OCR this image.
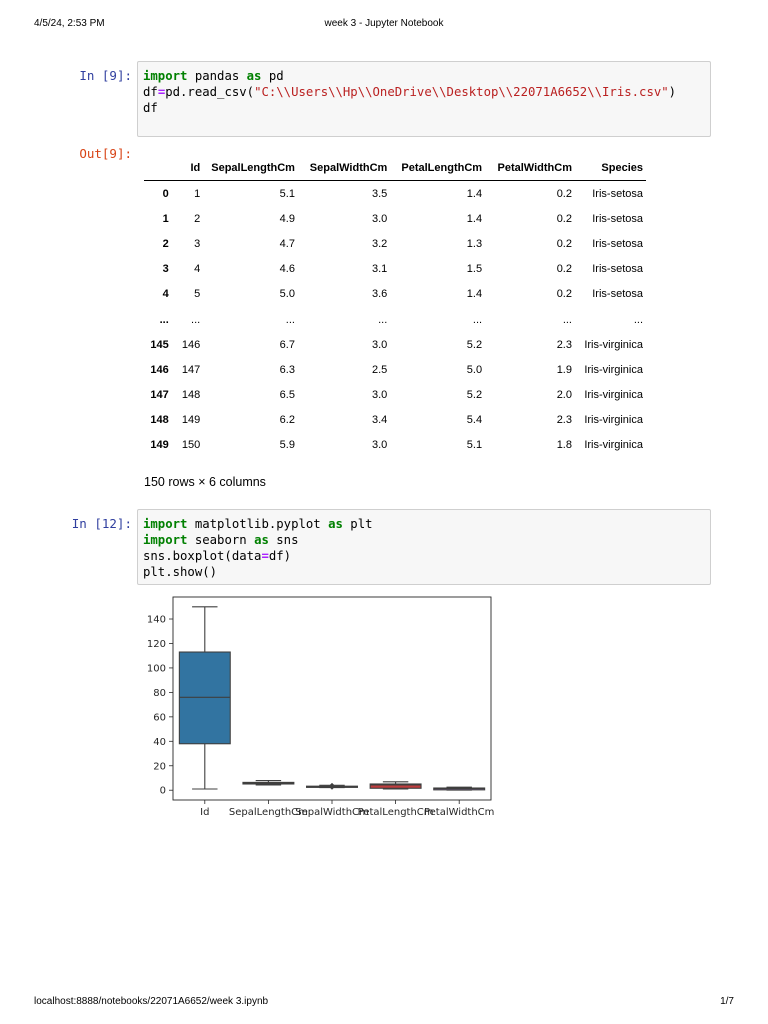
4/5/24, 2:53 PM	week 3 - Jupyter Notebook
In [9]: import pandas as pd
df=pd.read_csv("C:\\Users\\Hp\\OneDrive\\Desktop\\22071A6652\\Iris.csv")
df
Out[9]:
	Id	SepalLengthCm	SepalWidthCm	PetalLengthCm	PetalWidthCm	Species
0	1	5.1	3.5	1.4	0.2	Iris-setosa
1	2	4.9	3.0	1.4	0.2	Iris-setosa
2	3	4.7	3.2	1.3	0.2	Iris-setosa
3	4	4.6	3.1	1.5	0.2	Iris-setosa
4	5	5.0	3.6	1.4	0.2	Iris-setosa
...	...	...	...	...	...	...
145	146	6.7	3.0	5.2	2.3	Iris-virginica
146	147	6.3	2.5	5.0	1.9	Iris-virginica
147	148	6.5	3.0	5.2	2.0	Iris-virginica
148	149	6.2	3.4	5.4	2.3	Iris-virginica
149	150	5.9	3.0	5.1	1.8	Iris-virginica
150 rows × 6 columns
In [12]: import matplotlib.pyplot as plt
import seaborn as sns
sns.boxplot(data=df)
plt.show()
0
20
40
60
80
100
120
140
Id SepalLengthCm
SepalWidthCm
PetalLengthCm
PetalWidthCm
localhost:8888/notebooks/22071A6652/week 3.ipynb	1/7
